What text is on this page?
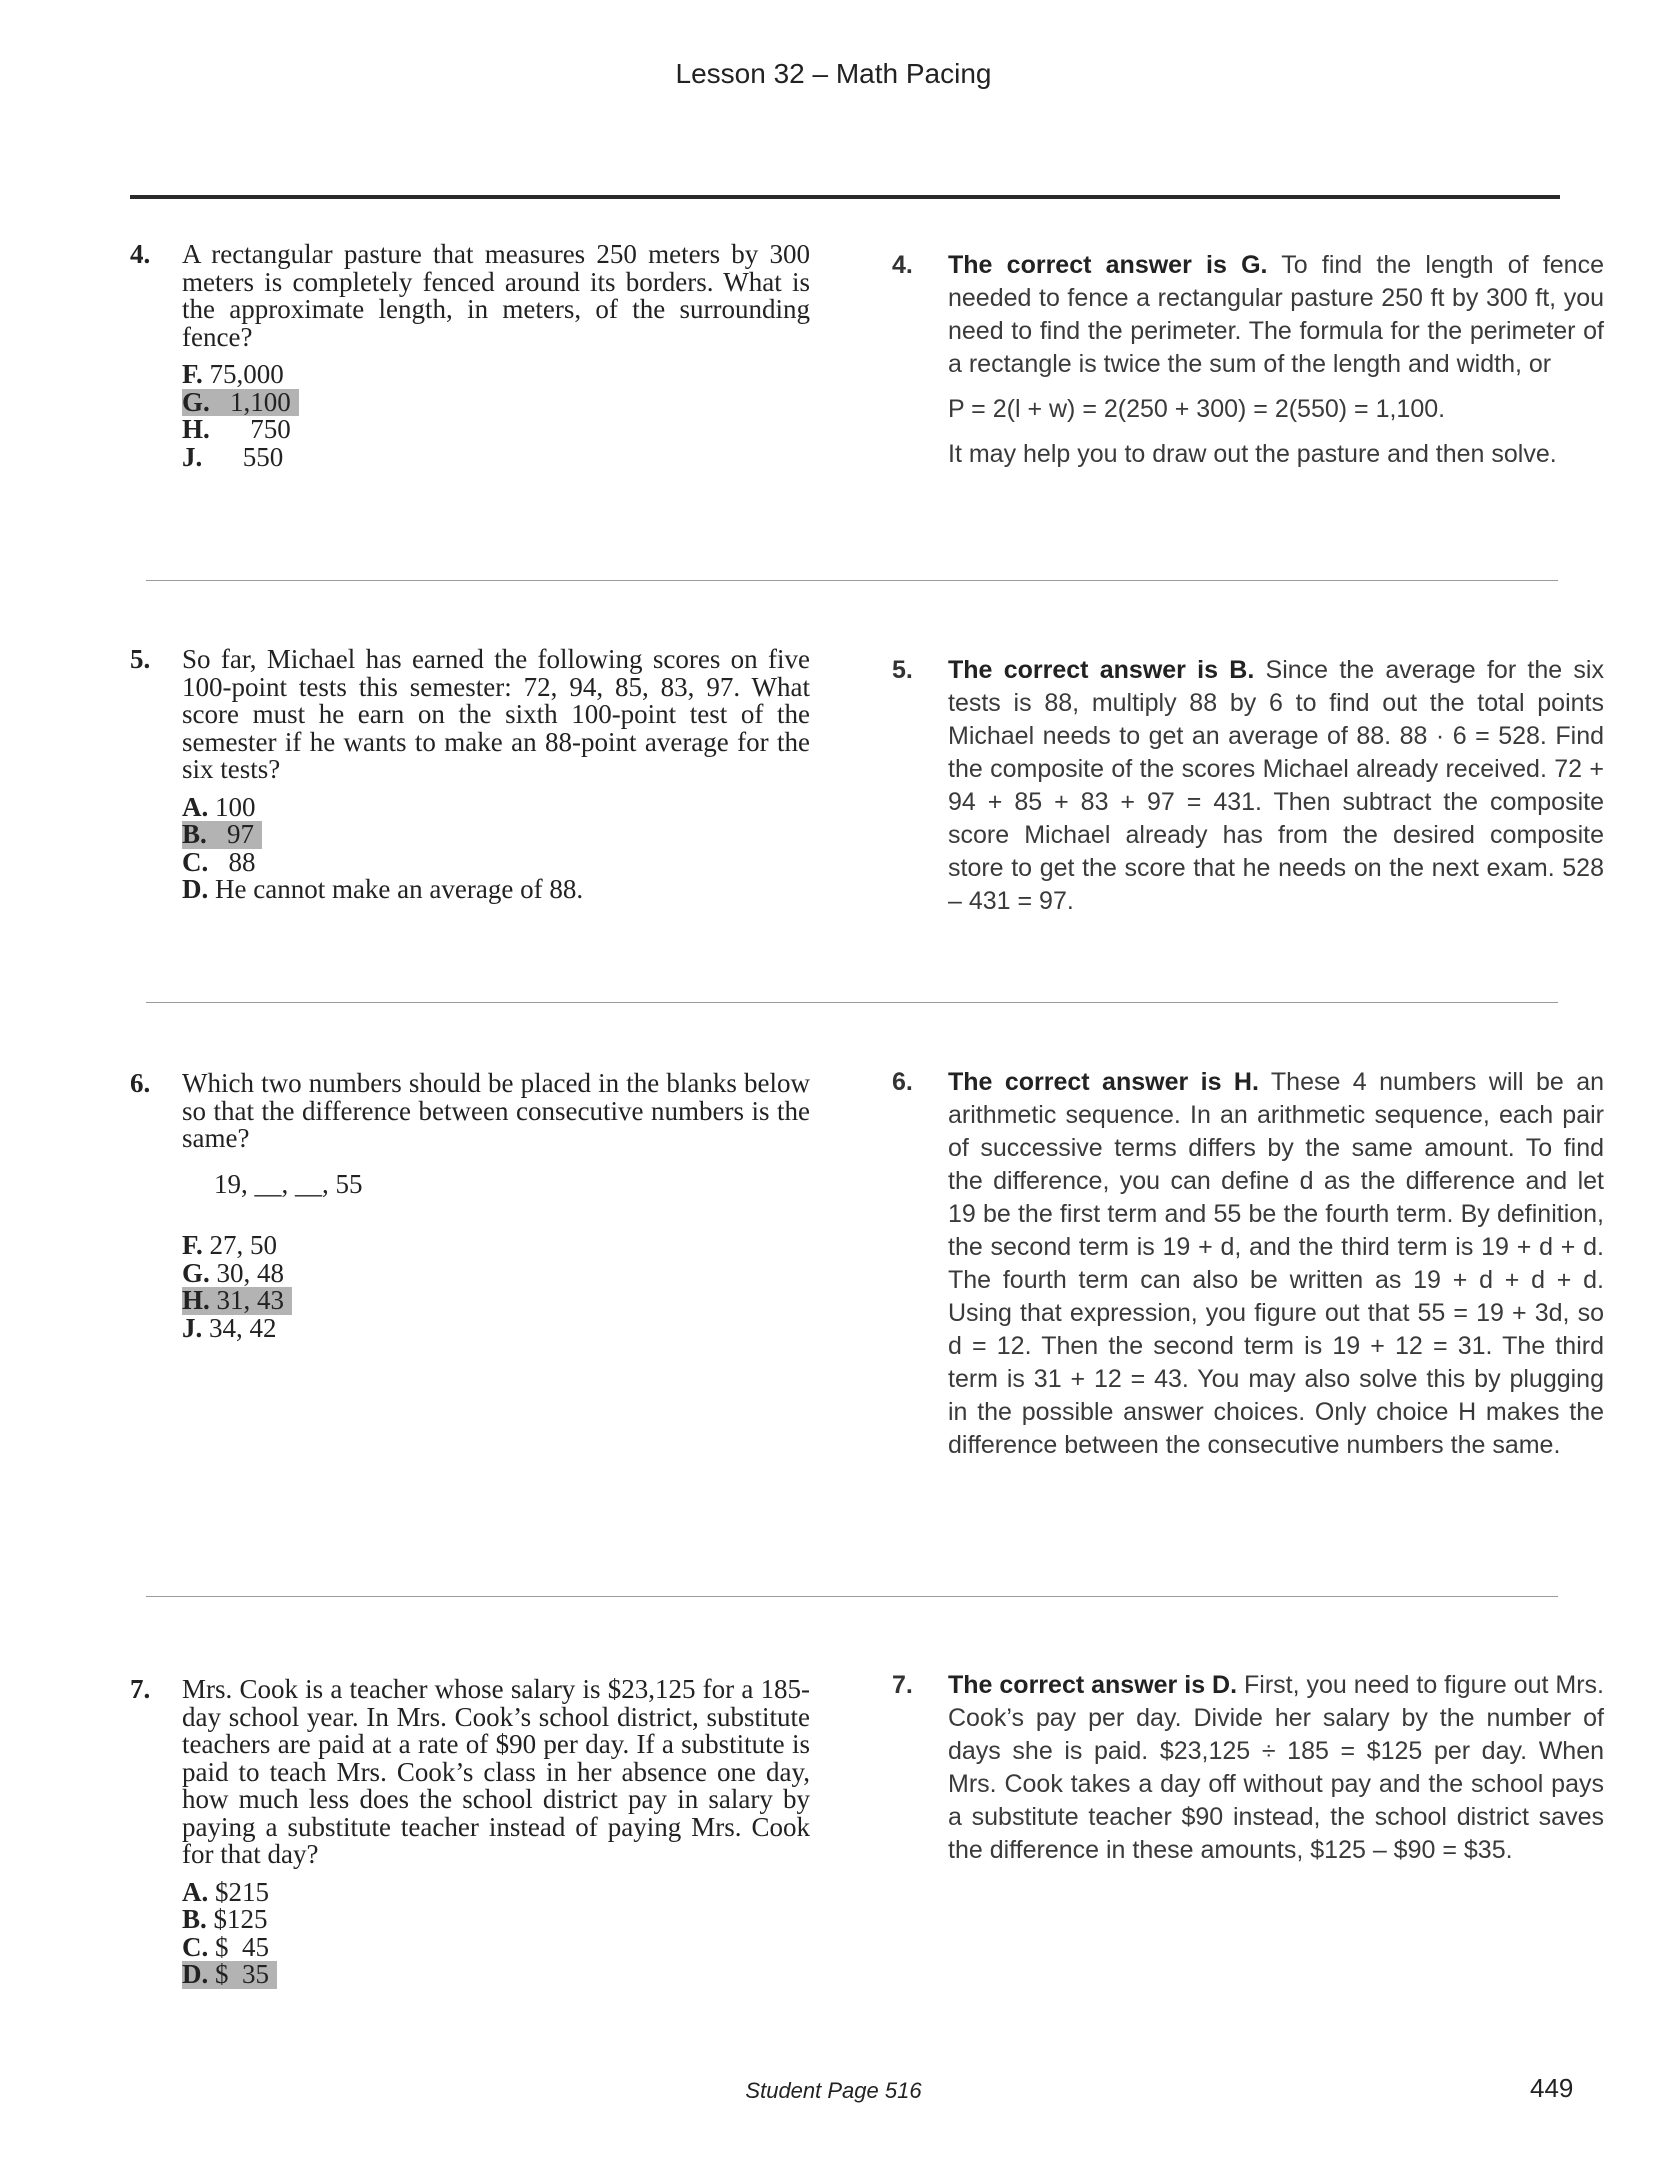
Lesson 32 – Math Pacing
4. A rectangular pasture that measures 250 meters by 300 meters is completely fenced around its borders. What is the approximate length, in meters, of the surrounding fence?
F. 75,000
G.   1,100
H.      750
J.      550
4. The correct answer is G. To find the length of fence needed to fence a rectangular pasture 250 ft by 300 ft, you need to find the perimeter. The formula for the perimeter of a rectangle is twice the sum of the length and width, or
P = 2(l + w) = 2(250 + 300) = 2(550) = 1,100.
It may help you to draw out the pasture and then solve.
5. So far, Michael has earned the following scores on five 100-point tests this semester: 72, 94, 85, 83, 97. What score must he earn on the sixth 100-point test of the semester if he wants to make an 88-point average for the six tests?
A. 100
B.   97
C.   88
D. He cannot make an average of 88.
5. The correct answer is B. Since the average for the six tests is 88, multiply 88 by 6 to find out the total points Michael needs to get an average of 88. 88 · 6 = 528. Find the composite of the scores Michael already received. 72 + 94 + 85 + 83 + 97 = 431. Then subtract the composite score Michael already has from the desired composite store to get the score that he needs on the next exam. 528 – 431 = 97.
6. Which two numbers should be placed in the blanks below so that the difference between consecutive numbers is the same?
19, __, __, 55
F. 27, 50
G. 30, 48
H. 31, 43
J. 34, 42
6. The correct answer is H. These 4 numbers will be an arithmetic sequence. In an arithmetic sequence, each pair of successive terms differs by the same amount. To find the difference, you can define d as the difference and let 19 be the first term and 55 be the fourth term. By definition, the second term is 19 + d, and the third term is 19 + d + d. The fourth term can also be written as 19 + d + d + d. Using that expression, you figure out that 55 = 19 + 3d, so d = 12. Then the second term is 19 + 12 = 31. The third term is 31 + 12 = 43. You may also solve this by plugging in the possible answer choices. Only choice H makes the difference between the consecutive numbers the same.
7. Mrs. Cook is a teacher whose salary is $23,125 for a 185-day school year. In Mrs. Cook’s school district, substitute teachers are paid at a rate of $90 per day. If a substitute is paid to teach Mrs. Cook’s class in her absence one day, how much less does the school district pay in salary by paying a substitute teacher instead of paying Mrs. Cook for that day?
A. $215
B. $125
C. $  45
D. $  35
7. The correct answer is D. First, you need to figure out Mrs. Cook’s pay per day. Divide her salary by the number of days she is paid. $23,125 ÷ 185 = $125 per day. When Mrs. Cook takes a day off without pay and the school pays a substitute teacher $90 instead, the school district saves the difference in these amounts, $125 – $90 = $35.
Student Page 516	449
